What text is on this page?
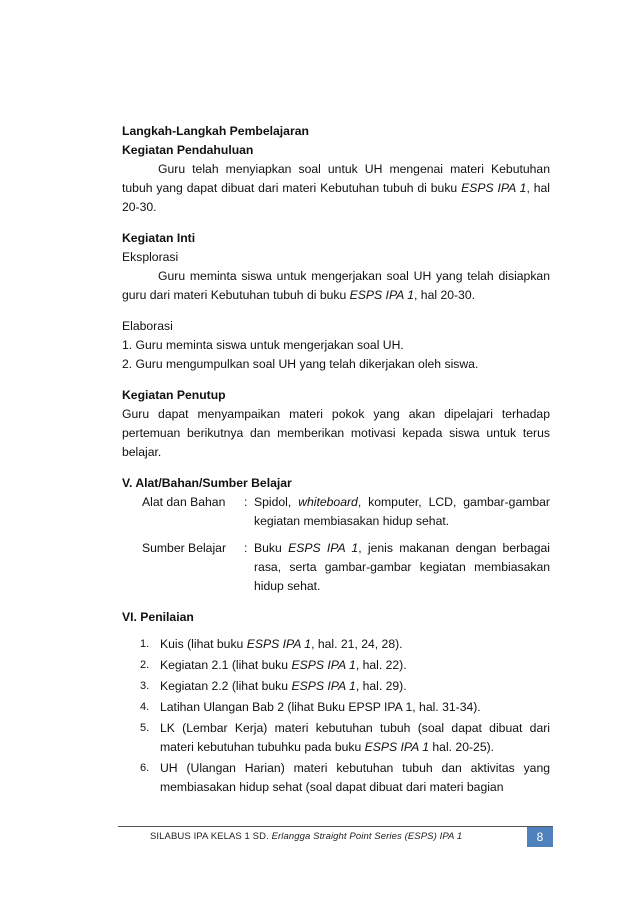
Langkah-Langkah Pembelajaran

Kegiatan Pendahuluan

Guru telah menyiapkan soal untuk UH mengenai materi Kebutuhan tubuh yang dapat dibuat dari materi Kebutuhan tubuh di buku ESPS IPA 1, hal 20-30.

Kegiatan Inti

Eksplorasi

Guru meminta siswa untuk mengerjakan soal UH yang telah disiapkan guru dari materi Kebutuhan tubuh di buku ESPS IPA 1, hal 20-30.

Elaborasi

1. Guru meminta siswa untuk mengerjakan soal UH.

2. Guru mengumpulkan soal UH yang telah dikerjakan oleh siswa.

Kegiatan Penutup

Guru dapat menyampaikan materi pokok yang akan dipelajari terhadap pertemuan berikutnya dan memberikan motivasi kepada siswa untuk terus belajar.

V. Alat/Bahan/Sumber Belajar

Alat dan Bahan	: Spidol, whiteboard, komputer, LCD, gambar-gambar kegiatan membiasakan hidup sehat.
Sumber Belajar	: Buku ESPS IPA 1, jenis makanan dengan berbagai rasa, serta gambar-gambar kegiatan membiasakan hidup sehat.

VI. Penilaian

1. Kuis (lihat buku ESPS IPA 1, hal. 21, 24, 28).
2. Kegiatan 2.1 (lihat buku ESPS IPA 1, hal. 22).
3. Kegiatan 2.2 (lihat buku ESPS IPA 1, hal. 29).
4. Latihan Ulangan Bab 2 (lihat Buku EPSP IPA 1, hal. 31-34).
5. LK (Lembar Kerja) materi kebutuhan tubuh (soal dapat dibuat dari materi kebutuhan tubuhku pada buku ESPS IPA 1 hal. 20-25).
6. UH (Ulangan Harian) materi kebutuhan tubuh dan aktivitas yang membiasakan hidup sehat (soal dapat dibuat dari materi bagian
SILABUS IPA KELAS 1 SD. Erlangga Straight Point Series (ESPS) IPA 1	8
